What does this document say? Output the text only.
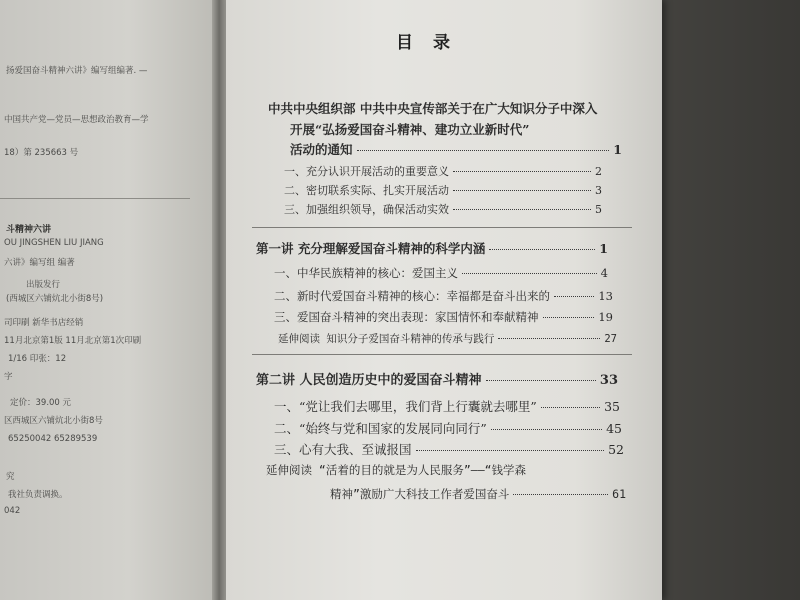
扬爱国奋斗精神六讲》编写组编著. —
中国共产党—党员—思想政治教育—学
18）第 235663 号
斗精神六讲
OU JINGSHEN LIU JIANG
六讲》编写组 编著
出版发行
(西城区六铺炕北小街8号)
司印刷 新华书店经销
11月北京第1版 11月北京第1次印刷
1/16 印张：12
字
定价：39.00 元
区西城区六铺炕北小街8号
65250042 65289539
究
我社负责调换。
042
目录
中共中央组织部 中共中央宣传部关于在广大知识分子中深入
开展“弘扬爱国奋斗精神、建功立业新时代”
活动的通知	1
一、充分认识开展活动的重要意义	2
二、密切联系实际、扎实开展活动	3
三、加强组织领导，确保活动实效	5
第一讲 充分理解爱国奋斗精神的科学内涵	1
一、中华民族精神的核心：爱国主义	4
二、新时代爱国奋斗精神的核心：幸福都是奋斗出来的	13
三、爱国奋斗精神的突出表现：家国情怀和奉献精神	19
延伸阅读 知识分子爱国奋斗精神的传承与践行	27
第二讲 人民创造历史中的爱国奋斗精神	33
一、“党让我们去哪里，我们背上行囊就去哪里”	35
二、“始终与党和国家的发展同向同行”	45
三、心有大我、至诚报国	52
延伸阅读 “活着的目的就是为人民服务”——“钱学森
精神”激励广大科技工作者爱国奋斗	61
